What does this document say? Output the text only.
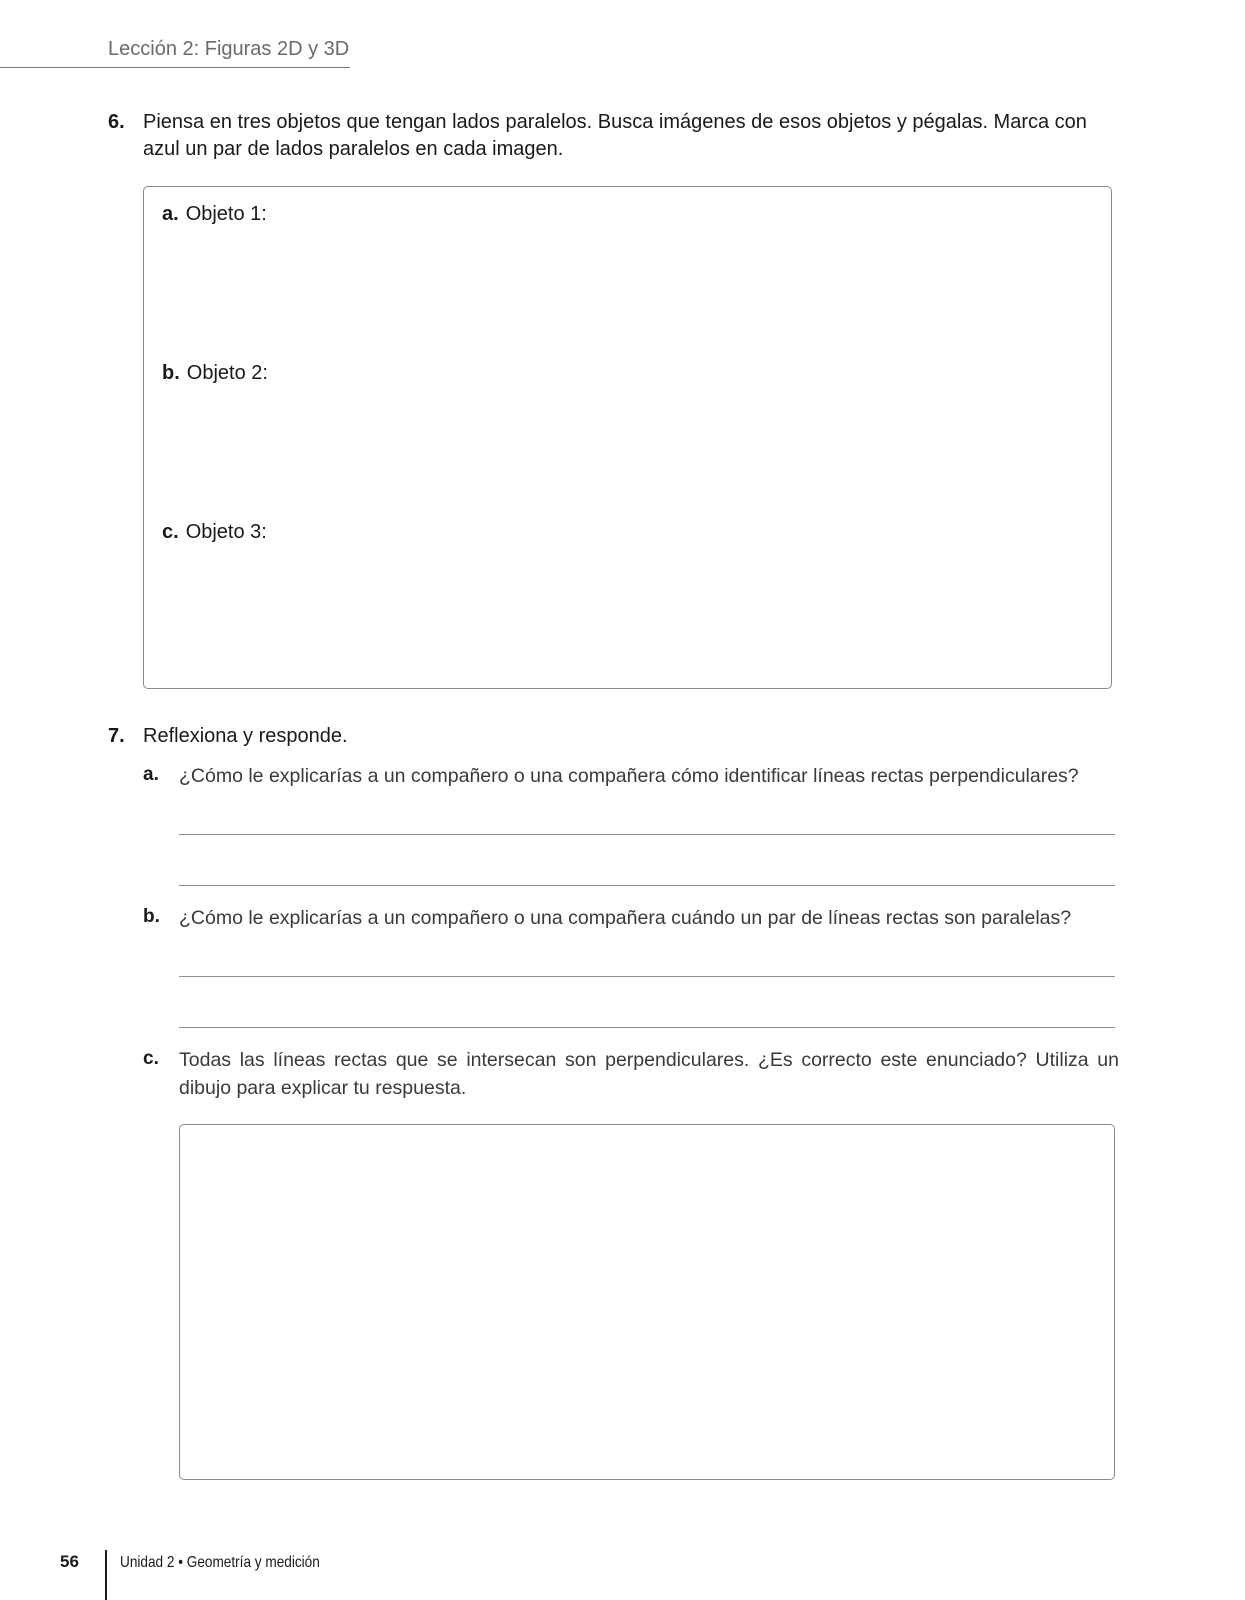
Lección 2: Figuras 2D y 3D
6. Piensa en tres objetos que tengan lados paralelos. Busca imágenes de esos objetos y pégalas. Marca con azul un par de lados paralelos en cada imagen.
a. Objeto 1:
b. Objeto 2:
c. Objeto 3:
7. Reflexiona y responde.
a. ¿Cómo le explicarías a un compañero o una compañera cómo identificar líneas rectas perpendiculares?
b. ¿Cómo le explicarías a un compañero o una compañera cuándo un par de líneas rectas son paralelas?
c. Todas las líneas rectas que se intersecan son perpendiculares. ¿Es correcto este enunciado? Utiliza un dibujo para explicar tu respuesta.
56	Unidad 2 • Geometría y medición
